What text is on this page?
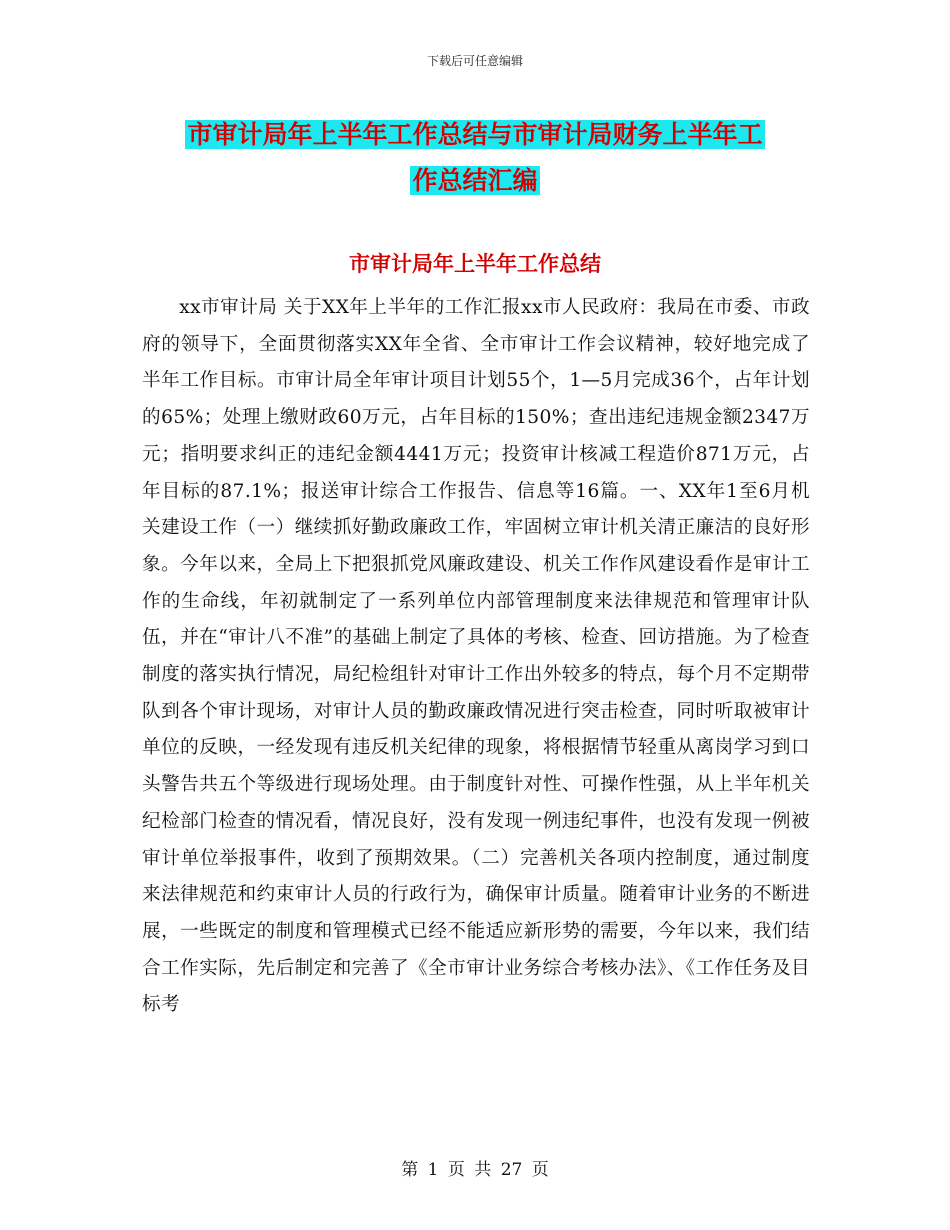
下载后可任意编辑
市审计局年上半年工作总结与市审计局财务上半年工
作总结汇编
市审计局年上半年工作总结
xx市审计局 关于XX年上半年的工作汇报xx市人民政府：我局在市委、市政府的领导下，全面贯彻落实XX年全省、全市审计工作会议精神，较好地完成了半年工作目标。市审计局全年审计项目计划55个，1—5月完成36个，占年计划的65%；处理上缴财政60万元，占年目标的150%；查出违纪违规金额2347万元；指明要求纠正的违纪金额4441万元；投资审计核减工程造价871万元，占年目标的87.1%；报送审计综合工作报告、信息等16篇。一、XX年1至6月机关建设工作（一）继续抓好勤政廉政工作，牢固树立审计机关清正廉洁的良好形象。今年以来，全局上下把狠抓党风廉政建设、机关工作作风建设看作是审计工作的生命线，年初就制定了一系列单位内部管理制度来法律规范和管理审计队伍，并在“审计八不准”的基础上制定了具体的考核、检查、回访措施。为了检查制度的落实执行情况，局纪检组针对审计工作出外较多的特点，每个月不定期带队到各个审计现场，对审计人员的勤政廉政情况进行突击检查，同时听取被审计单位的反映，一经发现有违反机关纪律的现象，将根据情节轻重从离岗学习到口头警告共五个等级进行现场处理。由于制度针对性、可操作性强，从上半年机关纪检部门检查的情况看，情况良好，没有发现一例违纪事件，也没有发现一例被审计单位举报事件，收到了预期效果。（二）完善机关各项内控制度，通过制度来法律规范和约束审计人员的行政行为，确保审计质量。随着审计业务的不断进展，一些既定的制度和管理模式已经不能适应新形势的需要，今年以来，我们结合工作实际，先后制定和完善了《全市审计业务综合考核办法》、《工作任务及目标考
第 1 页 共 27 页
